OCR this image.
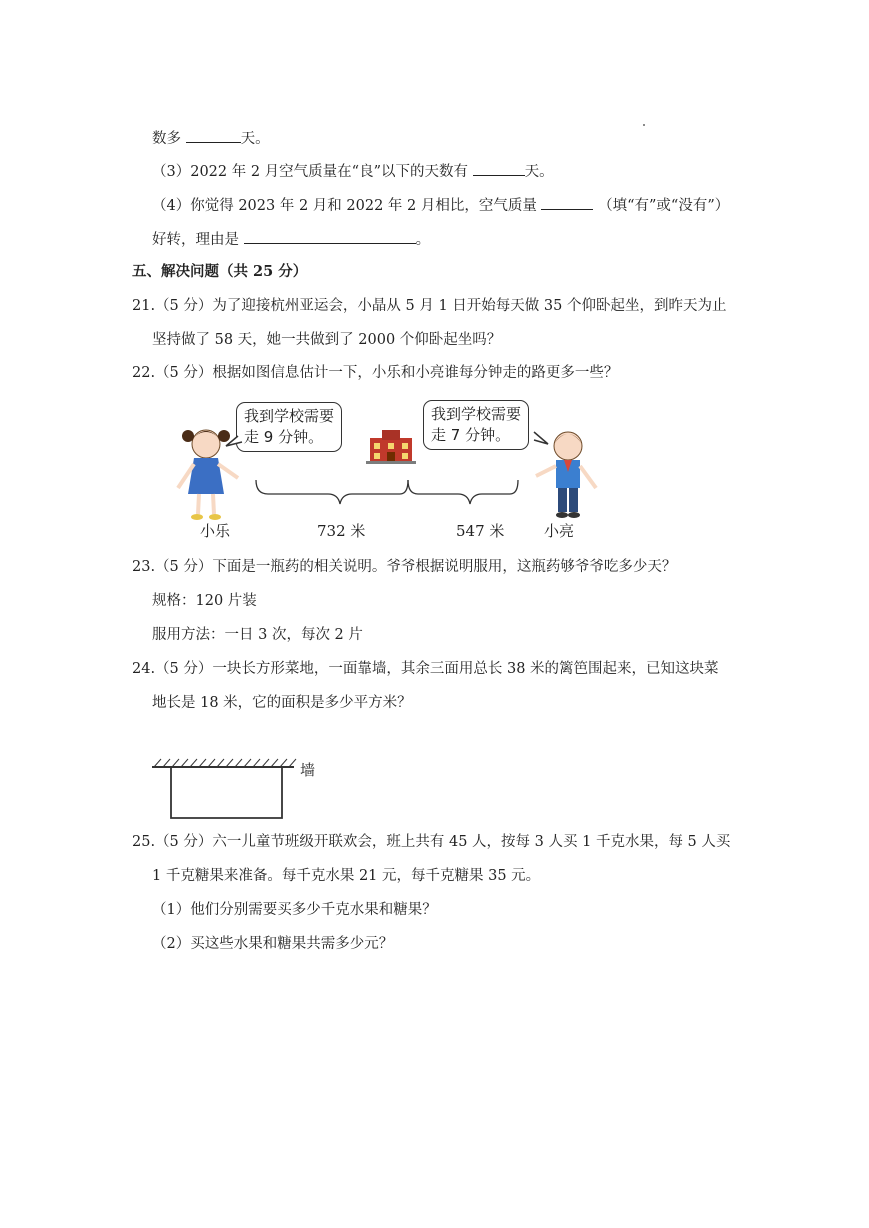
数多	天。
（3）2022 年 2 月空气质量在“良”以下的天数有	天。
（4）你觉得 2023 年 2 月和 2022 年 2 月相比，空气质量	（填“有”或“没有”）
好转，理由是	。
五、解决问题（共 25 分）
21.（5 分）为了迎接杭州亚运会，小晶从 5 月 1 日开始每天做 35 个仰卧起坐，到昨天为止
坚持做了 58 天，她一共做到了 2000 个仰卧起坐吗？
22.（5 分）根据如图信息估计一下，小乐和小亮谁每分钟走的路更多一些？
我到学校需要
走 9 分钟。
我到学校需要
走 7 分钟。
小乐	732 米	547 米	小亮
23.（5 分）下面是一瓶药的相关说明。爷爷根据说明服用，这瓶药够爷爷吃多少天？
规格：120 片装
服用方法：一日 3 次，每次 2 片
24.（5 分）一块长方形菜地，一面靠墙，其余三面用总长 38 米的篱笆围起来，已知这块菜
地长是 18 米，它的面积是多少平方米？
墙
25.（5 分）六一儿童节班级开联欢会，班上共有 45 人，按每 3 人买 1 千克水果，每 5 人买
1 千克糖果来准备。每千克水果 21 元，每千克糖果 35 元。
（1）他们分别需要买多少千克水果和糖果？
（2）买这些水果和糖果共需多少元？
